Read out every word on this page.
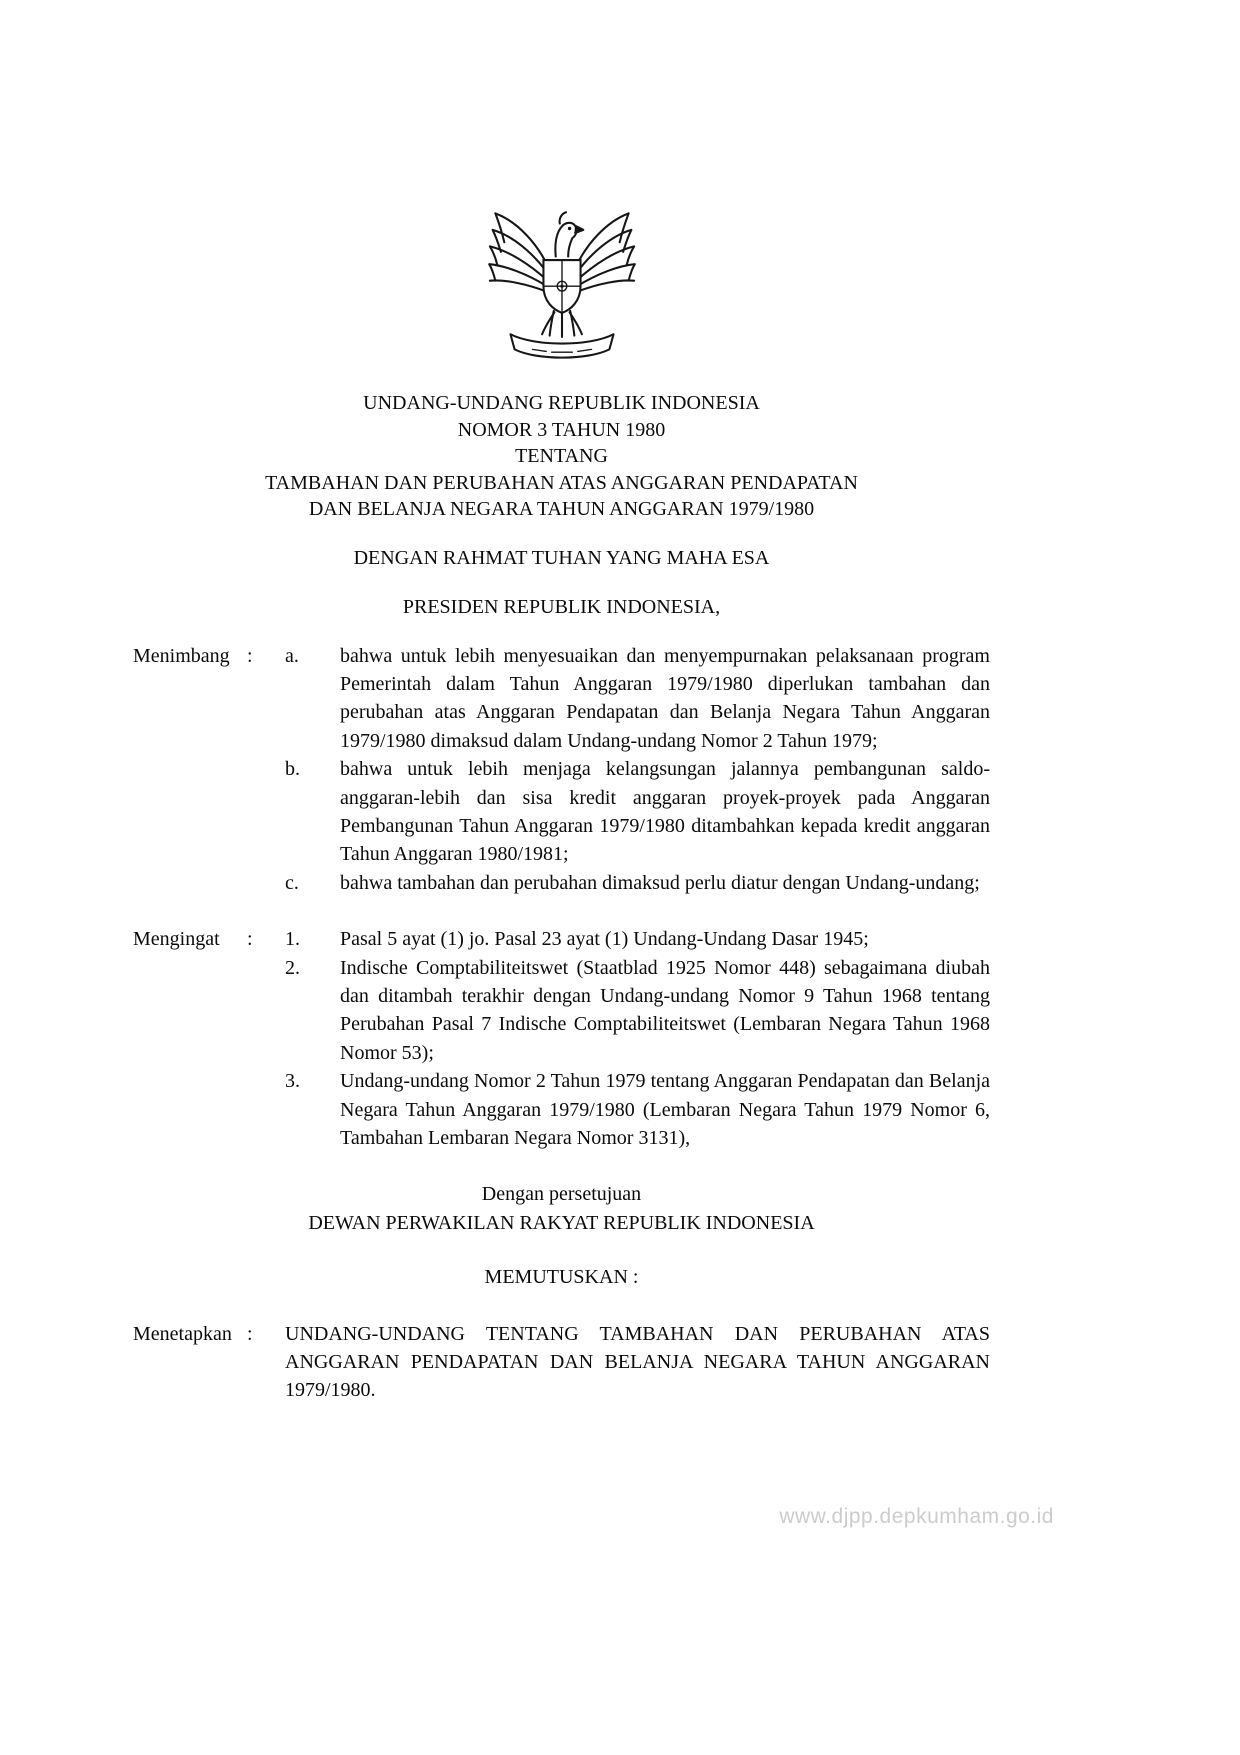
UNDANG-UNDANG REPUBLIK INDONESIA
NOMOR 3 TAHUN 1980
TENTANG
TAMBAHAN DAN PERUBAHAN ATAS ANGGARAN PENDAPATAN
DAN BELANJA NEGARA TAHUN ANGGARAN 1979/1980
DENGAN RAHMAT TUHAN YANG MAHA ESA
PRESIDEN REPUBLIK INDONESIA,
Menimbang : a.	bahwa untuk lebih menyesuaikan dan menyempurnakan pelaksanaan program Pemerintah dalam Tahun Anggaran 1979/1980 diperlukan tambahan dan perubahan atas Anggaran Pendapatan dan Belanja Negara Tahun Anggaran 1979/1980 dimaksud dalam Undang-undang Nomor 2 Tahun 1979;
b.	bahwa untuk lebih menjaga kelangsungan jalannya pembangunan saldo-anggaran-lebih dan sisa kredit anggaran proyek-proyek pada Anggaran Pembangunan Tahun Anggaran 1979/1980 ditambahkan kepada kredit anggaran Tahun Anggaran 1980/1981;
c.	bahwa tambahan dan perubahan dimaksud perlu diatur dengan Undang-undang;
Mengingat : 1.	Pasal 5 ayat (1) jo. Pasal 23 ayat (1) Undang-Undang Dasar 1945;
2.	Indische Comptabiliteitswet (Staatblad 1925 Nomor 448) sebagaimana diubah dan ditambah terakhir dengan Undang-undang Nomor 9 Tahun 1968 tentang Perubahan Pasal 7 Indische Comptabiliteitswet (Lembaran Negara Tahun 1968 Nomor 53);
3.	Undang-undang Nomor 2 Tahun 1979 tentang Anggaran Pendapatan dan Belanja Negara Tahun Anggaran 1979/1980 (Lembaran Negara Tahun 1979 Nomor 6, Tambahan Lembaran Negara Nomor 3131),
Dengan persetujuan
DEWAN PERWAKILAN RAKYAT REPUBLIK INDONESIA
MEMUTUSKAN :
Menetapkan : UNDANG-UNDANG TENTANG TAMBAHAN DAN PERUBAHAN ATAS ANGGARAN PENDAPATAN DAN BELANJA NEGARA TAHUN ANGGARAN 1979/1980.
www.djpp.depkumham.go.id
